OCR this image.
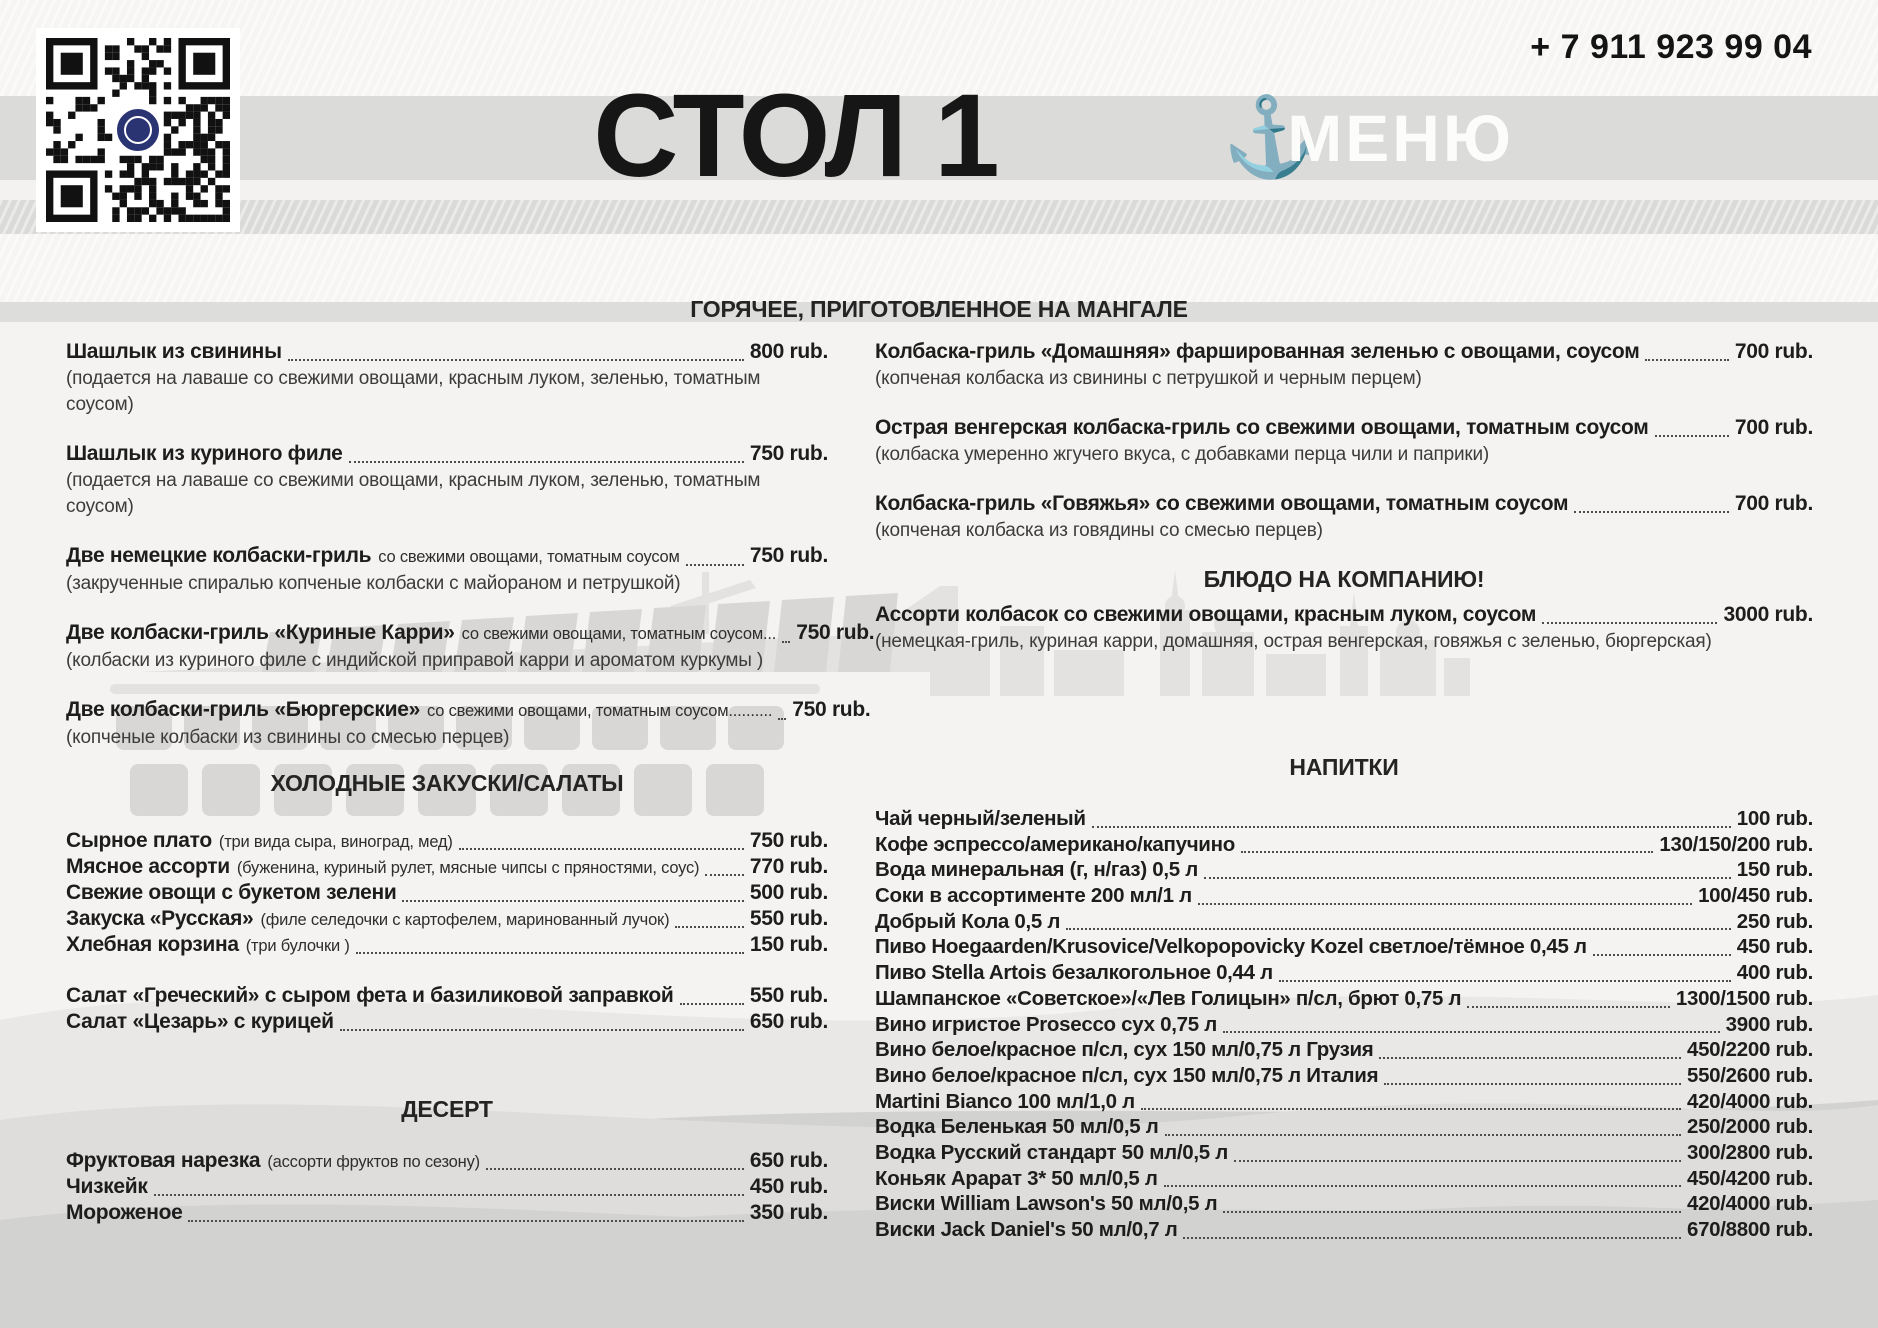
СТОЛ 1
+ 7 911 923 99 04
⚓
МЕНЮ
ГОРЯЧЕЕ, ПРИГОТОВЛЕННОЕ НА МАНГАЛЕ
Шашлык из свинины	800 rub.
(подается на лаваше со свежими овощами, красным луком, зеленью, томатным соусом)
Шашлык из куриного филе	750 rub.
(подается на лаваше со свежими овощами, красным луком, зеленью, томатным соусом)
Две немецкие колбаски-гриль со свежими овощами, томатным соусом	750 rub.
(закрученные спиралью копченые колбаски с майораном и петрушкой)
Две колбаски-гриль «Куриные Карри» со свежими овощами, томатным соусом... 750 rub.
(колбаски из куриного филе с индийской приправой карри и ароматом куркумы )
Две колбаски-гриль «Бюргерские» со свежими овощами, томатным соусом.......... 750 rub.
(копченые колбаски из свинины со смесью перцев)
Колбаска-гриль «Домашняя» фаршированная зеленью с овощами, соусом	700 rub.
(копченая колбаска из свинины с петрушкой и черным перцем)
Острая венгерская колбаска-гриль со свежими овощами, томатным соусом	700 rub.
(колбаска умеренно жгучего вкуса, с добавками перца чили и паприки)
Колбаска-гриль «Говяжья» со свежими овощами, томатным соусом	700 rub.
(копченая колбаска из говядины со смесью перцев)
БЛЮДО НА КОМПАНИЮ!
Ассорти колбасок со свежими овощами, красным луком, соусом	3000 rub.
(немецкая-гриль, куриная карри, домашняя, острая венгерская, говяжья с зеленью, бюргерская)
ХОЛОДНЫЕ ЗАКУСКИ/САЛАТЫ
Сырное плато (три вида сыра, виноград, мед)	750 rub.
Мясное ассорти (буженина, куриный рулет, мясные чипсы с пряностями, соус) 770 rub.
Свежие овощи с букетом зелени	500 rub.
Закуска «Русская» (филе селедочки с картофелем, маринованный лучок)	550 rub.
Хлебная корзина (три булочки )	150 rub.
Салат «Греческий» с сыром фета и базиликовой заправкой	550 rub.
Салат «Цезарь» с курицей	650 rub.
ДЕСЕРТ
Фруктовая нарезка (ассорти фруктов по сезону)	650 rub.
Чизкейк	450 rub.
Мороженое	350 rub.
НАПИТКИ
Чай черный/зеленый	100 rub.
Кофе эспрессо/американо/капучино	130/150/200 rub.
Вода минеральная (г, н/газ) 0,5 л	150 rub.
Соки в ассортименте 200 мл/1 л	100/450 rub.
Добрый Кола 0,5 л	250 rub.
Пиво Hoegaarden/Krusovice/Velkopopovicky Kozel светлое/тёмное 0,45 л	450 rub.
Пиво Stella Artois безалкогольное 0,44 л	400 rub.
Шампанское «Советское»/«Лев Голицын» п/сл, брют 0,75 л	1300/1500 rub.
Вино игристое Prosecco сух 0,75 л	3900 rub.
Вино белое/красное п/сл, сух 150 мл/0,75 л Грузия	450/2200 rub.
Вино белое/красное п/сл, сух 150 мл/0,75 л Италия	550/2600 rub.
Martini Bianco 100 мл/1,0 л	420/4000 rub.
Водка Беленькая 50 мл/0,5 л	250/2000 rub.
Водка Русский стандарт 50 мл/0,5 л	300/2800 rub.
Коньяк Арарат 3* 50 мл/0,5 л	450/4200 rub.
Виски William Lawson's 50 мл/0,5 л	420/4000 rub.
Виски Jack Daniel's 50 мл/0,7 л	670/8800 rub.
